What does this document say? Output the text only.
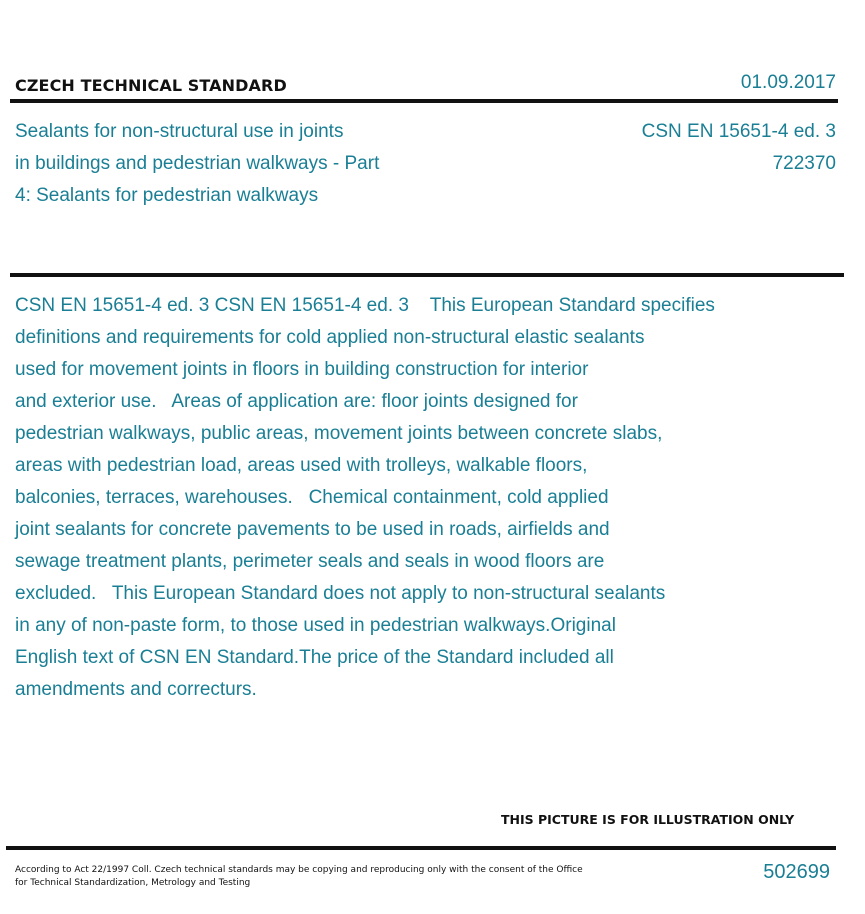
CZECH TECHNICAL STANDARD	01.09.2017
Sealants for non-structural use in joints
in buildings and pedestrian walkways - Part
4: Sealants for pedestrian walkways
CSN EN 15651-4 ed. 3
722370
CSN EN 15651-4 ed. 3 CSN EN 15651-4 ed. 3    This European Standard specifies
definitions and requirements for cold applied non-structural elastic sealants
used for movement joints in floors in building construction for interior
and exterior use.   Areas of application are: floor joints designed for
pedestrian walkways, public areas, movement joints between concrete slabs,
areas with pedestrian load, areas used with trolleys, walkable floors,
balconies, terraces, warehouses.   Chemical containment, cold applied
joint sealants for concrete pavements to be used in roads, airfields and
sewage treatment plants, perimeter seals and seals in wood floors are
excluded.   This European Standard does not apply to non-structural sealants
in any of non-paste form, to those used in pedestrian walkways.Original
English text of CSN EN Standard.The price of the Standard included all
amendments and correcturs.
THIS PICTURE IS FOR ILLUSTRATION ONLY
According to Act 22/1997 Coll. Czech technical standards may be copying and reproducing only with the consent of the Office
for Technical Standardization, Metrology and Testing	502699
